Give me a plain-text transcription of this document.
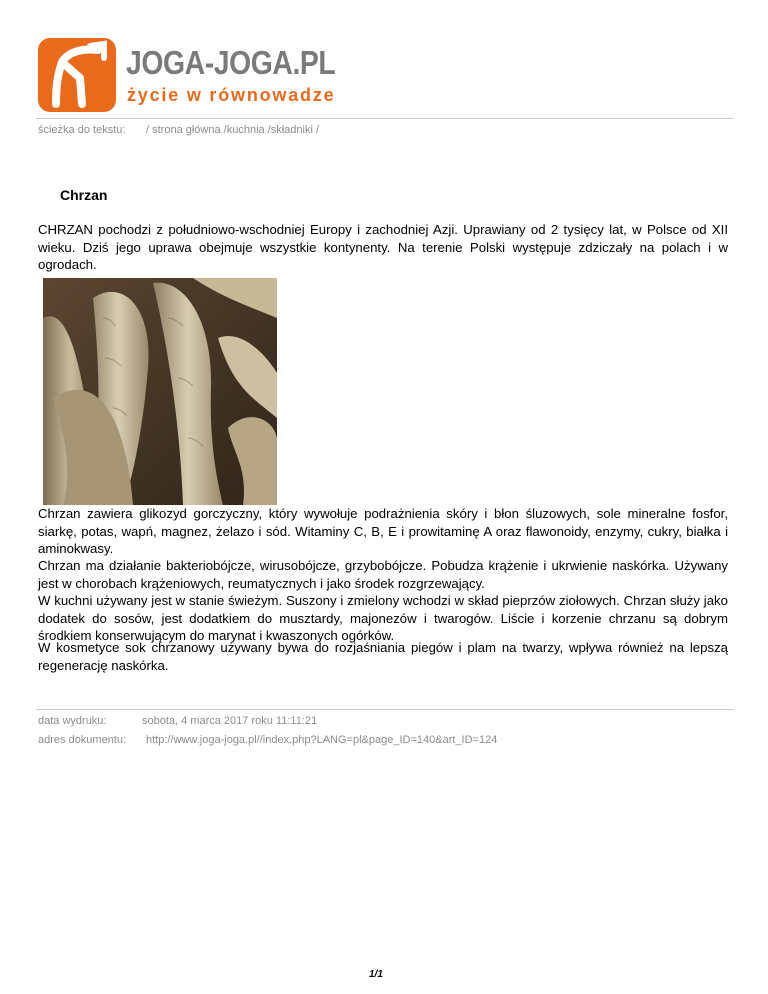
JOGA-JOGA.PL
życie w równowadze
ścieżka do tekstu: / strona główna /kuchnia /składniki /
Chrzan

CHRZAN pochodzi z południowo-wschodniej Europy i zachodniej Azji. Uprawiany od 2 tysięcy lat, w Polsce od XII wieku. Dziś jego uprawa obejmuje wszystkie kontynenty. Na terenie Polski występuje zdziczały na polach i w ogrodach.

Chrzan zawiera glikozyd gorczyczny, który wywołuje podrażnienia skóry i błon śluzowych, sole mineralne fosfor, siarkę, potas, wapń, magnez, żelazo i sód. Witaminy C, B, E i prowitaminę A oraz flawonoidy, enzymy, cukry, białka i aminokwasy.

Chrzan ma działanie bakteriobójcze, wirusobójcze, grzybobójcze. Pobudza krążenie i ukrwienie naskórka. Używany jest w chorobach krążeniowych, reumatycznych i jako środek rozgrzewający.

W kuchni używany jest w stanie świeżym. Suszony i zmielony wchodzi w skład pieprzów ziołowych. Chrzan służy jako dodatek do sosów, jest dodatkiem do musztardy, majonezów i twarogów. Liście i korzenie chrzanu są dobrym środkiem konserwującym do marynat i kwaszonych ogórków.

W kosmetyce sok chrzanowy używany bywa do rozjaśniania piegów i plam na twarzy, wpływa również na lepszą regenerację naskórka.

data wydruku:	sobota, 4 marca 2017 roku 11:11:21
adres dokumentu: http://www.joga-joga.pl//index.php?LANG=pl&page_ID=140&art_ID=124
1/1
